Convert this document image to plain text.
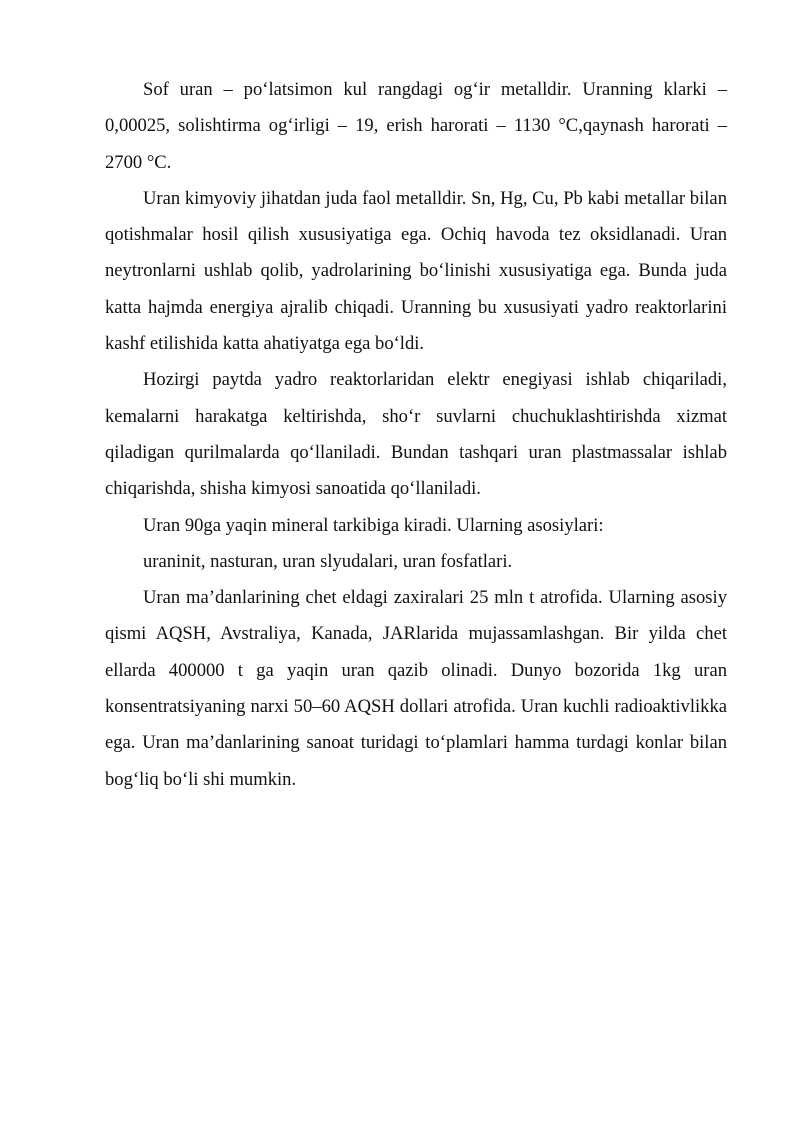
Sof uran – po‘latsimon kul rangdagi og‘ir metalldir. Uranning klarki – 0,00025, solishtirma og‘irligi – 19, erish harorati – 1130 °C,qaynash harorati – 2700 °C.

Uran kimyoviy jihatdan juda faol metalldir. Sn, Hg, Cu, Pb kabi metallar bilan qotishmalar hosil qilish xususiyatiga ega. Ochiq havoda tez oksidlanadi. Uran neytronlarni ushlab qolib, yadrolarining bo‘linishi xususiyatiga ega. Bunda juda katta hajmda energiya ajralib chiqadi. Uranning bu xususiyati yadro reaktorlarini kashf etilishida katta ahatiyatga ega bo‘ldi.

Hozirgi paytda yadro reaktorlaridan elektr enegiyasi ishlab chiqariladi, kemalarni harakatga keltirishda, sho‘r suvlarni chuchuklashtirishda xizmat qiladigan qurilmalarda qo‘llaniladi. Bundan tashqari uran plastmassalar ishlab chiqarishda, shisha kimyosi sanoatida qo‘llaniladi.

Uran 90ga yaqin mineral tarkibiga kiradi. Ularning asosiylari:

uraninit, nasturan, uran slyudalari, uran fosfatlari.

Uran ma’danlarining chet eldagi zaxiralari 25 mln t atrofida. Ularning asosiy qismi AQSH, Avstraliya, Kanada, JARlarida mujassamlashgan. Bir yilda chet ellarda 400000 t ga yaqin uran qazib olinadi. Dunyo bozorida 1kg uran konsentratsiyaning narxi 50–60 AQSH dollari atrofida. Uran kuchli radioaktivlikka ega. Uran ma’danlarining sanoat turidagi to‘plamlari hamma turdagi konlar bilan bog‘liq bo‘li shi mumkin.
